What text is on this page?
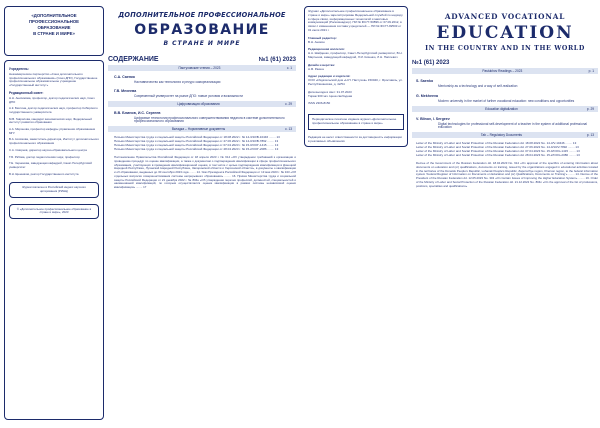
«ДОПОЛНИТЕЛЬНОЕ
ПРОФЕССИОНАЛЬНОЕ
ОБРАЗОВАНИЕ
В СТРАНЕ И МИРЕ»
Учредитель:
Некоммерческое партнерство «Союз дополнительного профессионального образования» (Союз ДПО), Государственное профессиональное образовательное учреждение «Государственный институт»
Редакционный совет:
Н.Н. Анисимова, профессор, доктор педагогических наук, Союз ДПО
А.К. Бахтина, доктор педагогических наук, профессор Сибирского государственного университета
М.В. Гаврилова, кандидат экономических наук, Федеральный институт развития образования
А.А. Миронова, профессор кафедры управления образованием МГУ
В.А. Носикова, заместитель директора, Институт дополнительного профессионального образования
С.А. Смирнов, директор научно-образовательного центра
Т.Б. Рябова, доктор педагогических наук, профессор
Т.Е. Чернокова, заведующая кафедрой, Санкт-Петербургский университет
В.Н. Щенников, ректор Государственного института
Журнал включен в Российский индекс научного цитирования (РИНЦ)
© «Дополнительное профессиональное образование в стране и мире», 2023
ДОПОЛНИТЕЛЬНОЕ ПРОФЕССИОНАЛЬНОЕ
ОБРАЗОВАНИЕ
В СТРАНЕ И МИРЕ
СОДЕРЖАНИЕ	№1 (61) 2023
Пастуховские чтения – 2023	с. 1
С.А. Саенко
Наставничество как технология и ресурс самореализации
Г.В. Мехеева
Современный университет на рынке ДПО: новые условия и возможности
Цифровизация образования	с. 29
В.В. Блинов, И.С. Сергеев
Цифровые технологии профессионального совершенствования педагога в системе дополнительного профессионального образования
Вкладка – Нормативные документы	с. 13
Письмо Министерства труда и социальной защиты Российской Федерации от 18.08.2022 г. № 14-3/10/В-10446 ........ 13
Письмо Министерства труда и социальной защиты Российской Федерации от 27.06.2022 г. № 14-0/10/В-7892 ........ 13
Письмо Министерства труда и социальной защиты Российской Федерации от 07.04.2023 г. № 15-0/ООГ-1415 ........ 13
Письмо Министерства труда и социальной защиты Российской Федерации от 28.04.2023 г. № 15-2/ООГ-2086 ........ 13
Постановление Правительства Российской Федерации от 18 апреля 2023 г. № 614 «Об утверждении требований к организации и проведению процедур по оценке квалификации, а также к документам о подтверждении квалификации в сфере профессионального образования, участвующих в проведении квалификационной оценки, в том числе с целью подтверждения квалификации в Донецкой Народной Республике, Луганской Народной Республике, Запорожской области и Херсонской области», в документы о квалификации и об образовании, выданных до 30 сентября 2023 года ........ 14. Указ Президента Российской Федерации от 13 мая 2023 г. № 343 «Об отдельных вопросах совершенствования системы непрерывного образования» ........ 16. Приказ Министерства труда и социальной защиты Российской Федерации от 21 декабря 2022 г. № 804н «Об утверждении перечня профессий, должностей, специальностей и наименований квалификаций, по которым осуществляется оценка квалификации в рамках системы независимой оценки квалификации» ........ 17
Журнал «Дополнительное профессиональное образование в стране и мире» зарегистрирован Федеральной службой по надзору в сфере связи, информационных технологий и массовых коммуникаций (Роскомнадзор). ПИ № ФС77-50896 от 07.09.2012, в связи с изменением состава учредителей — ПИ № ФС77-82503 от 01 июля 2021 г.
Главный редактор:
В.Н. Аникин
Редакционная коллегия:
Н.А. Шайденко, профессор, Санкт-Петербургский университет, В.Н. Мартынов, заведующий кафедрой, Л.И. Кизенко, Л.Н. Паплевич
Дизайн и верстка:
А.Ф. Ракша
Адрес редакции и издателя:
ООО «Издательский дом «Н.П. Пастухов» 150040, г. Ярославль, ул. Республиканская, д. 42/54
Дата выхода в свет: 31.07.2023
Тираж 300 экз. Цена свободная
ISSN 2306-8150
Периодическое печатное издание журнал «Дополнительное профессиональное образование в стране и мире»
Редакция не несет ответственности за достоверность информации в рекламных объявлениях
ADVANCED VOCATIONAL
EDUCATION
IN THE COUNTRY AND IN THE WORLD
№1 (61) 2023
Pastukhov Readings – 2023	p. 1
S. Saenko
Mentorship as a technology and a way of self-realization
G. Mekheeva
Modern university in the market of further vocational education: new conditions and opportunities
Education digitalization	p. 29
V. Blinov, I. Sergeev
Digital technologies for professional self-development of a teacher in the system of additional professional education
Tab – Regulatory Documents	p. 13
Letter of the Ministry of Labor and Social Protection of the Russian Federation dd. 18.08.2022 No. 14-3/V-10446 ........ 13
Letter of the Ministry of Labor and Social Protection of the Russian Federation dd. 27.06.2022 No. 14-0/10/V-7892 ........ 13
Letter of the Ministry of Labor and Social Protection of the Russian Federation dd. 07.04.2023 No. 15-0/OOG-1415 ........ 13
Letter of the Ministry of Labor and Social Protection of the Russian Federation dd. 28.04.2023 No. 15-2/OOG-2086 ........ 13
Decree of the Government of the Russian Federation dd. 18.04.2023 No. 614 «On approval of the specifics of entering information about documents on education and (or) qualifications, documents on training, issued by the organizations engaged in educational activities located in the territories of the Donetsk People's Republic, Luhansk People's Republic, Zaporozhye region, Kherson region, to the federal information system 'Federal Register of Information on Documents on Education and (or) Qualifications, Documents on Training'» ........ 14. Decree of the President of the Russian Federation dd. 12.05.2023 No. 343 «On Certain Issues of Improving the Higher Education System» ........ 16. Order of the Ministry of Labor and Social Protection of the Russian Federation dd. 21.12.2022 No. 804n «On the approval of the list of professions, positions, specialties and qualifications»
